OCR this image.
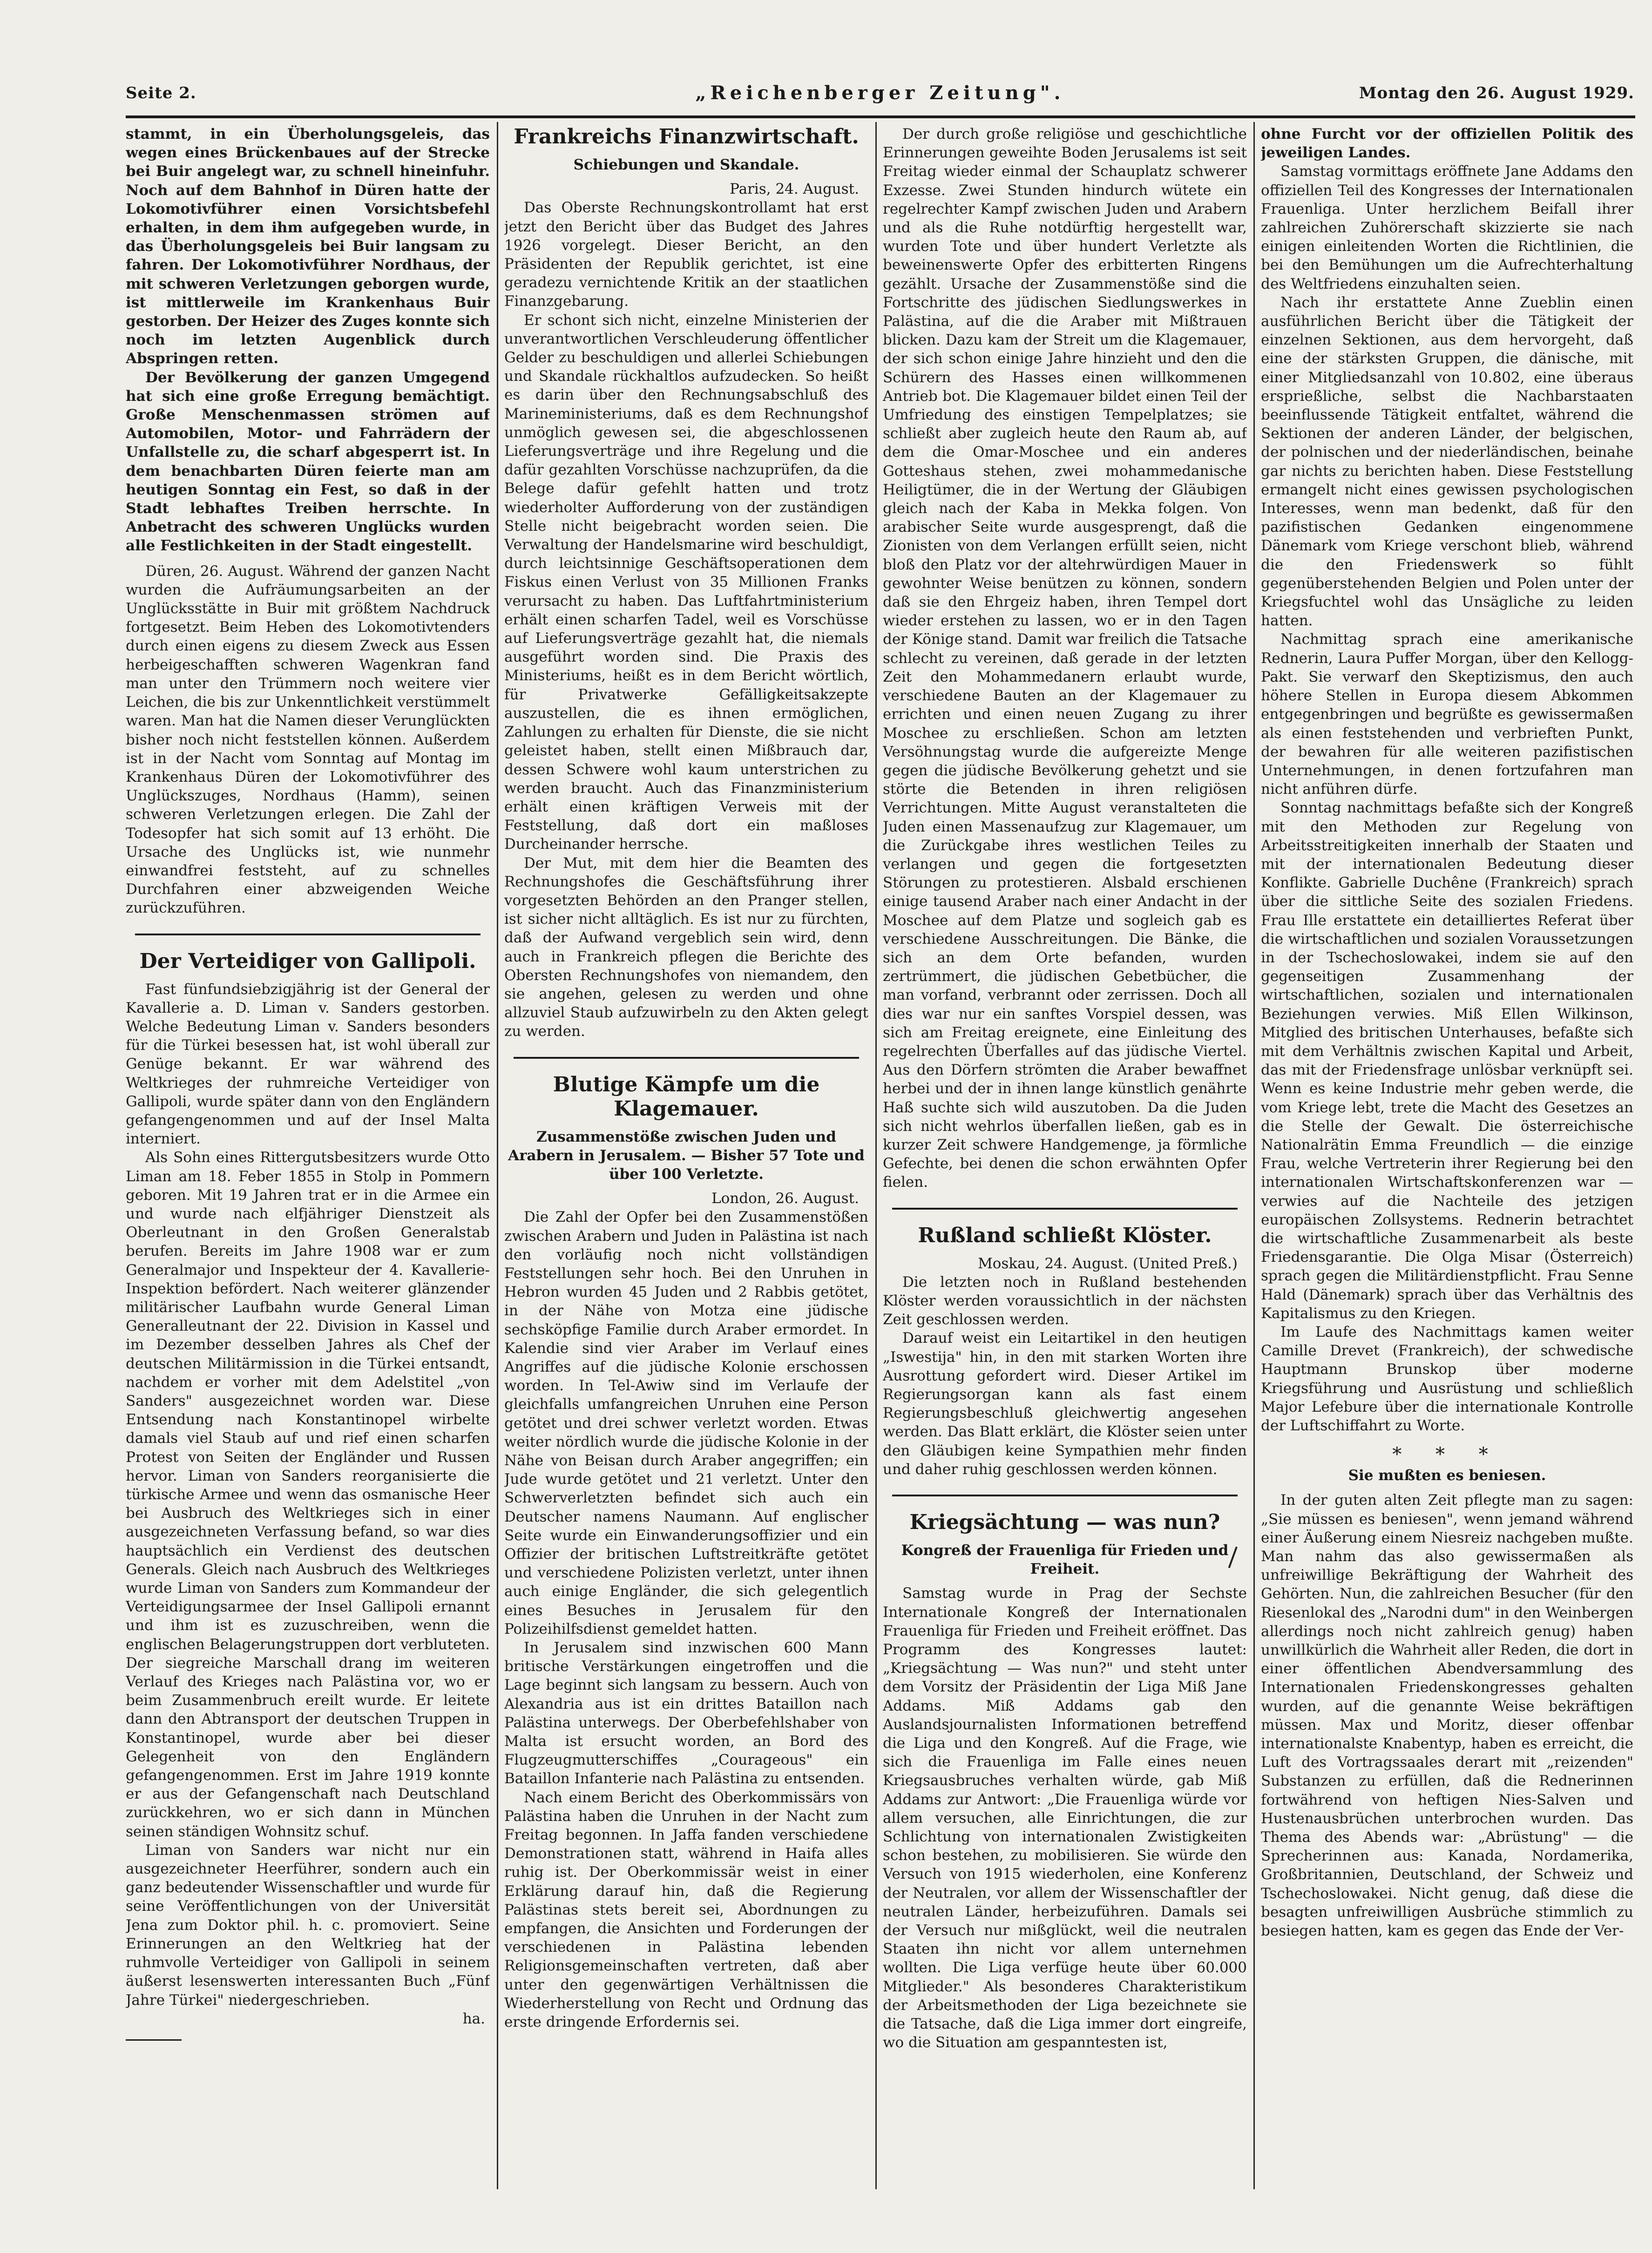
Seite 2.	„Reichenberger Zeitung".	Montag den 26. August 1929.

stammt, in ein Überholungsgeleis, das wegen eines Brückenbaues auf der Strecke bei Buir angelegt war, zu schnell hineinfuhr. Noch auf dem Bahnhof in Düren hatte der Lokomotivführer einen Vorsichtsbefehl erhalten, in dem ihm aufgegeben wurde, in das Überholungsgeleis bei Buir langsam zu fahren. Der Lokomotivführer Nordhaus, der mit schweren Verletzungen geborgen wurde, ist mittlerweile im Krankenhaus Buir gestorben. Der Heizer des Zuges konnte sich noch im letzten Augenblick durch Abspringen retten.

Der Bevölkerung der ganzen Umgegend hat sich eine große Erregung bemächtigt. Große Menschenmassen strömen auf Automobilen, Motor- und Fahrrädern der Unfallstelle zu, die scharf abgesperrt ist. In dem benachbarten Düren feierte man am heutigen Sonntag ein Fest, so daß in der Stadt lebhaftes Treiben herrschte. In Anbetracht des schweren Unglücks wurden alle Festlichkeiten in der Stadt eingestellt.

Düren, 26. August. Während der ganzen Nacht wurden die Aufräumungsarbeiten an der Unglücksstätte in Buir mit größtem Nachdruck fortgesetzt. Beim Heben des Lokomotivtenders durch einen eigens zu diesem Zweck aus Essen herbeigeschafften schweren Wagenkran fand man unter den Trümmern noch weitere vier Leichen, die bis zur Unkenntlichkeit verstümmelt waren. Man hat die Namen dieser Verunglückten bisher noch nicht feststellen können. Außerdem ist in der Nacht vom Sonntag auf Montag im Krankenhaus Düren der Lokomotivführer des Unglückszuges, Nordhaus (Hamm), seinen schweren Verletzungen erlegen. Die Zahl der Todesopfer hat sich somit auf 13 erhöht. Die Ursache des Unglücks ist, wie nunmehr einwandfrei feststeht, auf zu schnelles Durchfahren einer abzweigenden Weiche zurückzuführen.

Der Verteidiger von Gallipoli.

Fast fünfundsiebzigjährig ist der General der Kavallerie a. D. Liman v. Sanders gestorben. Welche Bedeutung Liman v. Sanders besonders für die Türkei besessen hat, ist wohl überall zur Genüge bekannt. Er war während des Weltkrieges der ruhmreiche Verteidiger von Gallipoli, wurde später dann von den Engländern gefangengenommen und auf der Insel Malta interniert.

Als Sohn eines Rittergutsbesitzers wurde Otto Liman am 18. Feber 1855 in Stolp in Pommern geboren. Mit 19 Jahren trat er in die Armee ein und wurde nach elfjähriger Dienstzeit als Oberleutnant in den Großen Generalstab berufen. Bereits im Jahre 1908 war er zum Generalmajor und Inspekteur der 4. Kavallerie-Inspektion befördert. Nach weiterer glänzender militärischer Laufbahn wurde General Liman Generalleutnant der 22. Division in Kassel und im Dezember desselben Jahres als Chef der deutschen Militärmission in die Türkei entsandt, nachdem er vorher mit dem Adelstitel „von Sanders" ausgezeichnet worden war. Diese Entsendung nach Konstantinopel wirbelte damals viel Staub auf und rief einen scharfen Protest von Seiten der Engländer und Russen hervor. Liman von Sanders reorganisierte die türkische Armee und wenn das osmanische Heer bei Ausbruch des Weltkrieges sich in einer ausgezeichneten Verfassung befand, so war dies hauptsächlich ein Verdienst des deutschen Generals. Gleich nach Ausbruch des Weltkrieges wurde Liman von Sanders zum Kommandeur der Verteidigungsarmee der Insel Gallipoli ernannt und ihm ist es zuzuschreiben, wenn die englischen Belagerungstruppen dort verbluteten. Der siegreiche Marschall drang im weiteren Verlauf des Krieges nach Palästina vor, wo er beim Zusammenbruch ereilt wurde. Er leitete dann den Abtransport der deutschen Truppen in Konstantinopel, wurde aber bei dieser Gelegenheit von den Engländern gefangengenommen. Erst im Jahre 1919 konnte er aus der Gefangenschaft nach Deutschland zurückkehren, wo er sich dann in München seinen ständigen Wohnsitz schuf.

Liman von Sanders war nicht nur ein ausgezeichneter Heerführer, sondern auch ein ganz bedeutender Wissenschaftler und wurde für seine Veröffentlichungen von der Universität Jena zum Doktor phil. h. c. promoviert. Seine Erinnerungen an den Weltkrieg hat der ruhmvolle Verteidiger von Gallipoli in seinem äußerst lesenswerten interessanten Buch „Fünf Jahre Türkei" niedergeschrieben.

ha.
Frankreichs Finanzwirtschaft.
Schiebungen und Skandale.
Paris, 24. August.

Das Oberste Rechnungskontrollamt hat erst jetzt den Bericht über das Budget des Jahres 1926 vorgelegt. Dieser Bericht, an den Präsidenten der Republik gerichtet, ist eine geradezu vernichtende Kritik an der staatlichen Finanzgebarung.

Er schont sich nicht, einzelne Ministerien der unverantwortlichen Verschleuderung öffentlicher Gelder zu beschuldigen und allerlei Schiebungen und Skandale rückhaltlos aufzudecken. So heißt es darin über den Rechnungsabschluß des Marineministeriums, daß es dem Rechnungshof unmöglich gewesen sei, die abgeschlossenen Lieferungsverträge und ihre Regelung und die dafür gezahlten Vorschüsse nachzuprüfen, da die Belege dafür gefehlt hatten und trotz wiederholter Aufforderung von der zuständigen Stelle nicht beigebracht worden seien. Die Verwaltung der Handelsmarine wird beschuldigt, durch leichtsinnige Geschäftsoperationen dem Fiskus einen Verlust von 35 Millionen Franks verursacht zu haben. Das Luftfahrtministerium erhält einen scharfen Tadel, weil es Vorschüsse auf Lieferungsverträge gezahlt hat, die niemals ausgeführt worden sind. Die Praxis des Ministeriums, heißt es in dem Bericht wörtlich, für Privatwerke Gefälligkeitsakzepte auszustellen, die es ihnen ermöglichen, Zahlungen zu erhalten für Dienste, die sie nicht geleistet haben, stellt einen Mißbrauch dar, dessen Schwere wohl kaum unterstrichen zu werden braucht. Auch das Finanzministerium erhält einen kräftigen Verweis mit der Feststellung, daß dort ein maßloses Durcheinander herrsche.

Der Mut, mit dem hier die Beamten des Rechnungshofes die Geschäftsführung ihrer vorgesetzten Behörden an den Pranger stellen, ist sicher nicht alltäglich. Es ist nur zu fürchten, daß der Aufwand vergeblich sein wird, denn auch in Frankreich pflegen die Berichte des Obersten Rechnungshofes von niemandem, den sie angehen, gelesen zu werden und ohne allzuviel Staub aufzuwirbeln zu den Akten gelegt zu werden.

Blutige Kämpfe um die Klagemauer.
Zusammenstöße zwischen Juden und Arabern in Jerusalem. — Bisher 57 Tote und über 100 Verletzte.
London, 26. August.

Die Zahl der Opfer bei den Zusammenstößen zwischen Arabern und Juden in Palästina ist nach den vorläufig noch nicht vollständigen Feststellungen sehr hoch. Bei den Unruhen in Hebron wurden 45 Juden und 2 Rabbis getötet, in der Nähe von Motza eine jüdische sechsköpfige Familie durch Araber ermordet. In Kalendie sind vier Araber im Verlauf eines Angriffes auf die jüdische Kolonie erschossen worden. In Tel-Awiw sind im Verlaufe der gleichfalls umfangreichen Unruhen eine Person getötet und drei schwer verletzt worden. Etwas weiter nördlich wurde die jüdische Kolonie in der Nähe von Beisan durch Araber angegriffen; ein Jude wurde getötet und 21 verletzt. Unter den Schwerverletzten befindet sich auch ein Deutscher namens Naumann. Auf englischer Seite wurde ein Einwanderungsoffizier und ein Offizier der britischen Luftstreitkräfte getötet und verschiedene Polizisten verletzt, unter ihnen auch einige Engländer, die sich gelegentlich eines Besuches in Jerusalem für den Polizeihilfsdienst gemeldet hatten.

In Jerusalem sind inzwischen 600 Mann britische Verstärkungen eingetroffen und die Lage beginnt sich langsam zu bessern. Auch von Alexandria aus ist ein drittes Bataillon nach Palästina unterwegs. Der Oberbefehlshaber von Malta ist ersucht worden, an Bord des Flugzeugmutterschiffes „Courageous" ein Bataillon Infanterie nach Palästina zu entsenden.

Nach einem Bericht des Oberkommissärs von Palästina haben die Unruhen in der Nacht zum Freitag begonnen. In Jaffa fanden verschiedene Demonstrationen statt, während in Haifa alles ruhig ist. Der Oberkommissär weist in einer Erklärung darauf hin, daß die Regierung Palästinas stets bereit sei, Abordnungen zu empfangen, die Ansichten und Forderungen der verschiedenen in Palästina lebenden Religionsgemeinschaften vertreten, daß aber unter den gegenwärtigen Verhältnissen die Wiederherstellung von Recht und Ordnung das erste dringende Erfordernis sei.

Der durch große religiöse und geschichtliche Erinnerungen geweihte Boden Jerusalems ist seit Freitag wieder einmal der Schauplatz schwerer Exzesse. Zwei Stunden hindurch wütete ein regelrechter Kampf zwischen Juden und Arabern und als die Ruhe notdürftig hergestellt war, wurden Tote und über hundert Verletzte als beweinenswerte Opfer des erbitterten Ringens gezählt. Ursache der Zusammenstöße sind die Fortschritte des jüdischen Siedlungswerkes in Palästina, auf die die Araber mit Mißtrauen blicken. Dazu kam der Streit um die Klagemauer, der sich schon einige Jahre hinzieht und den die Schürern des Hasses einen willkommenen Antrieb bot. Die Klagemauer bildet einen Teil der Umfriedung des einstigen Tempelplatzes; sie schließt aber zugleich heute den Raum ab, auf dem die Omar-Moschee und ein anderes Gotteshaus stehen, zwei mohammedanische Heiligtümer, die in der Wertung der Gläubigen gleich nach der Kaba in Mekka folgen. Von arabischer Seite wurde ausgesprengt, daß die Zionisten von dem Verlangen erfüllt seien, nicht bloß den Platz vor der altehrwürdigen Mauer in gewohnter Weise benützen zu können, sondern daß sie den Ehrgeiz haben, ihren Tempel dort wieder erstehen zu lassen, wo er in den Tagen der Könige stand. Damit war freilich die Tatsache schlecht zu vereinen, daß gerade in der letzten Zeit den Mohammedanern erlaubt wurde, verschiedene Bauten an der Klagemauer zu errichten und einen neuen Zugang zu ihrer Moschee zu erschließen. Schon am letzten Versöhnungstag wurde die aufgereizte Menge gegen die jüdische Bevölkerung gehetzt und sie störte die Betenden in ihren religiösen Verrichtungen. Mitte August veranstalteten die Juden einen Massenaufzug zur Klagemauer, um die Zurückgabe ihres westlichen Teiles zu verlangen und gegen die fortgesetzten Störungen zu protestieren. Alsbald erschienen einige tausend Araber nach einer Andacht in der Moschee auf dem Platze und sogleich gab es verschiedene Ausschreitungen. Die Bänke, die sich an dem Orte befanden, wurden zertrümmert, die jüdischen Gebetbücher, die man vorfand, verbrannt oder zerrissen. Doch all dies war nur ein sanftes Vorspiel dessen, was sich am Freitag ereignete, eine Einleitung des regelrechten Überfalles auf das jüdische Viertel. Aus den Dörfern strömten die Araber bewaffnet herbei und der in ihnen lange künstlich genährte Haß suchte sich wild auszutoben. Da die Juden sich nicht wehrlos überfallen ließen, gab es in kurzer Zeit schwere Handgemenge, ja förmliche Gefechte, bei denen die schon erwähnten Opfer fielen.

Rußland schließt Klöster.
Moskau, 24. August. (United Preß.)

Die letzten noch in Rußland bestehenden Klöster werden voraussichtlich in der nächsten Zeit geschlossen werden.

Darauf weist ein Leitartikel in den heutigen „Iswestija" hin, in den mit starken Worten ihre Ausrottung gefordert wird. Dieser Artikel im Regierungsorgan kann als fast einem Regierungsbeschluß gleichwertig angesehen werden. Das Blatt erklärt, die Klöster seien unter den Gläubigen keine Sympathien mehr finden und daher ruhig geschlossen werden können.

Kriegsächtung — was nun?
Kongreß der Frauenliga für Frieden und Freiheit.

Samstag wurde in Prag der Sechste Internationale Kongreß der Internationalen Frauenliga für Frieden und Freiheit eröffnet. Das Programm des Kongresses lautet: „Kriegsächtung — Was nun?" und steht unter dem Vorsitz der Präsidentin der Liga Miß Jane Addams. Miß Addams gab den Auslandsjournalisten Informationen betreffend die Liga und den Kongreß. Auf die Frage, wie sich die Frauenliga im Falle eines neuen Kriegsausbruches verhalten würde, gab Miß Addams zur Antwort: „Die Frauenliga würde vor allem versuchen, alle Einrichtungen, die zur Schlichtung von internationalen Zwistigkeiten schon bestehen, zu mobilisieren. Sie würde den Versuch von 1915 wiederholen, eine Konferenz der Neutralen, vor allem der Wissenschaftler der neutralen Länder, herbeizuführen. Damals sei der Versuch nur mißglückt, weil die neutralen Staaten ihn nicht vor allem unternehmen wollten. Die Liga verfüge heute über 60.000 Mitglieder." Als besonderes Charakteristikum der Arbeitsmethoden der Liga bezeichnete sie die Tatsache, daß die Liga immer dort eingreife, wo die Situation am gespanntesten ist,

ohne Furcht vor der offiziellen Politik des jeweiligen Landes.

Samstag vormittags eröffnete Jane Addams den offiziellen Teil des Kongresses der Internationalen Frauenliga. Unter herzlichem Beifall ihrer zahlreichen Zuhörerschaft skizzierte sie nach einigen einleitenden Worten die Richtlinien, die bei den Bemühungen um die Aufrechterhaltung des Weltfriedens einzuhalten seien.

Nach ihr erstattete Anne Zueblin einen ausführlichen Bericht über die Tätigkeit der einzelnen Sektionen, aus dem hervorgeht, daß eine der stärksten Gruppen, die dänische, mit einer Mitgliedsanzahl von 10.802, eine überaus ersprießliche, selbst die Nachbarstaaten beeinflussende Tätigkeit entfaltet, während die Sektionen der anderen Länder, der belgischen, der polnischen und der niederländischen, beinahe gar nichts zu berichten haben. Diese Feststellung ermangelt nicht eines gewissen psychologischen Interesses, wenn man bedenkt, daß für den pazifistischen Gedanken eingenommene Dänemark vom Kriege verschont blieb, während die den Friedenswerk so fühlt gegenüberstehenden Belgien und Polen unter der Kriegsfuchtel wohl das Unsägliche zu leiden hatten.

Nachmittag sprach eine amerikanische Rednerin, Laura Puffer Morgan, über den Kellogg-Pakt. Sie verwarf den Skeptizismus, den auch höhere Stellen in Europa diesem Abkommen entgegenbringen und begrüßte es gewissermaßen als einen feststehenden und verbrieften Punkt, der bewahren für alle weiteren pazifistischen Unternehmungen, in denen fortzufahren man nicht anführen dürfe.

Sonntag nachmittags befaßte sich der Kongreß mit den Methoden zur Regelung von Arbeitsstreitigkeiten innerhalb der Staaten und mit der internationalen Bedeutung dieser Konflikte. Gabrielle Duchêne (Frankreich) sprach über die sittliche Seite des sozialen Friedens. Frau Ille erstattete ein detailliertes Referat über die wirtschaftlichen und sozialen Voraussetzungen in der Tschechoslowakei, indem sie auf den gegenseitigen Zusammenhang der wirtschaftlichen, sozialen und internationalen Beziehungen verwies. Miß Ellen Wilkinson, Mitglied des britischen Unterhauses, befaßte sich mit dem Verhältnis zwischen Kapital und Arbeit, das mit der Friedensfrage unlösbar verknüpft sei. Wenn es keine Industrie mehr geben werde, die vom Kriege lebt, trete die Macht des Gesetzes an die Stelle der Gewalt. Die österreichische Nationalrätin Emma Freundlich — die einzige Frau, welche Vertreterin ihrer Regierung bei den internationalen Wirtschaftskonferenzen war — verwies auf die Nachteile des jetzigen europäischen Zollsystems. Rednerin betrachtet die wirtschaftliche Zusammenarbeit als beste Friedensgarantie. Die Olga Misar (Österreich) sprach gegen die Militärdienstpflicht. Frau Senne Hald (Dänemark) sprach über das Verhältnis des Kapitalismus zu den Kriegen.

Im Laufe des Nachmittags kamen weiter Camille Drevet (Frankreich), der schwedische Hauptmann Brunskop über moderne Kriegsführung und Ausrüstung und schließlich Major Lefebure über die internationale Kontrolle der Luftschiffahrt zu Worte.

* * *
Sie mußten es beniesen.

In der guten alten Zeit pflegte man zu sagen: „Sie müssen es beniesen", wenn jemand während einer Äußerung einem Niesreiz nachgeben mußte. Man nahm das also gewissermaßen als unfreiwillige Bekräftigung der Wahrheit des Gehörten. Nun, die zahlreichen Besucher (für den Riesenlokal des „Narodni dum" in den Weinbergen allerdings noch nicht zahlreich genug) haben unwillkürlich die Wahrheit aller Reden, die dort in einer öffentlichen Abendversammlung des Internationalen Friedenskongresses gehalten wurden, auf die genannte Weise bekräftigen müssen. Max und Moritz, dieser offenbar internationalste Knabentyp, haben es erreicht, die Luft des Vortragssaales derart mit „reizenden" Substanzen zu erfüllen, daß die Rednerinnen fortwährend von heftigen Nies-Salven und Hustenausbrüchen unterbrochen wurden. Das Thema des Abends war: „Abrüstung" — die Sprecherinnen aus: Kanada, Nordamerika, Großbritannien, Deutschland, der Schweiz und Tschechoslowakei. Nicht genug, daß diese die besagten unfreiwilligen Ausbrüche stimmlich zu besiegen hatten, kam es gegen das Ende der Ver-
